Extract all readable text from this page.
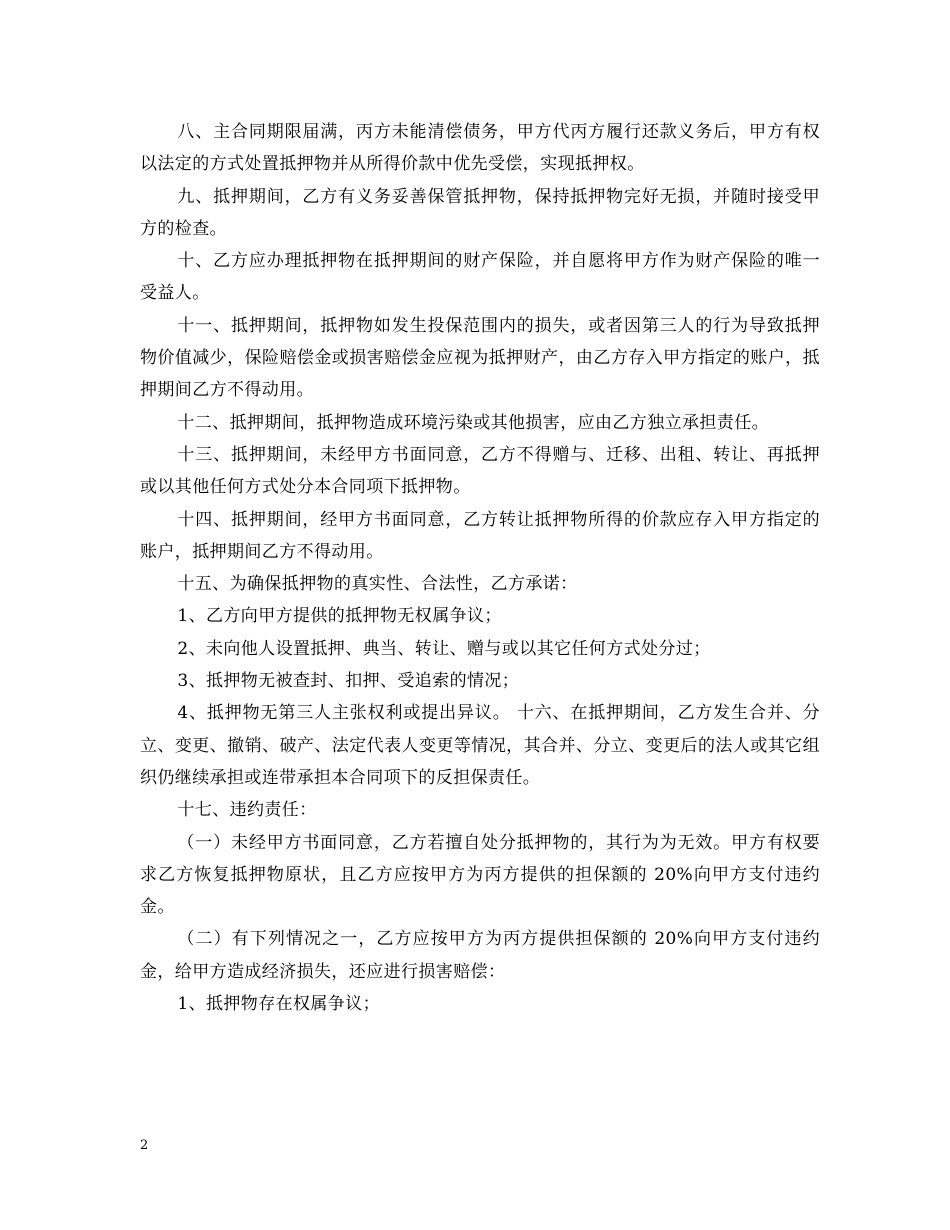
八、主合同期限届满，丙方未能清偿债务，甲方代丙方履行还款义务后，甲方有权以法定的方式处置抵押物并从所得价款中优先受偿，实现抵押权。

九、抵押期间，乙方有义务妥善保管抵押物，保持抵押物完好无损，并随时接受甲方的检查。

十、乙方应办理抵押物在抵押期间的财产保险，并自愿将甲方作为财产保险的唯一受益人。

十一、抵押期间，抵押物如发生投保范围内的损失，或者因第三人的行为导致抵押物价值减少，保险赔偿金或损害赔偿金应视为抵押财产，由乙方存入甲方指定的账户，抵押期间乙方不得动用。

十二、抵押期间，抵押物造成环境污染或其他损害，应由乙方独立承担责任。

十三、抵押期间，未经甲方书面同意，乙方不得赠与、迁移、出租、转让、再抵押或以其他任何方式处分本合同项下抵押物。

十四、抵押期间，经甲方书面同意，乙方转让抵押物所得的价款应存入甲方指定的账户，抵押期间乙方不得动用。

十五、为确保抵押物的真实性、合法性，乙方承诺：

1、乙方向甲方提供的抵押物无权属争议；

2、未向他人设置抵押、典当、转让、赠与或以其它任何方式处分过；

3、抵押物无被查封、扣押、受追索的情况；

4、抵押物无第三人主张权利或提出异议。 十六、在抵押期间，乙方发生合并、分立、变更、撤销、破产、法定代表人变更等情况，其合并、分立、变更后的法人或其它组织仍继续承担或连带承担本合同项下的反担保责任。

十七、违约责任：

（一）未经甲方书面同意，乙方若擅自处分抵押物的，其行为为无效。甲方有权要求乙方恢复抵押物原状，且乙方应按甲方为丙方提供的担保额的 20%向甲方支付违约金。

（二）有下列情况之一，乙方应按甲方为丙方提供担保额的 20%向甲方支付违约金，给甲方造成经济损失，还应进行损害赔偿：

1、抵押物存在权属争议；

2
